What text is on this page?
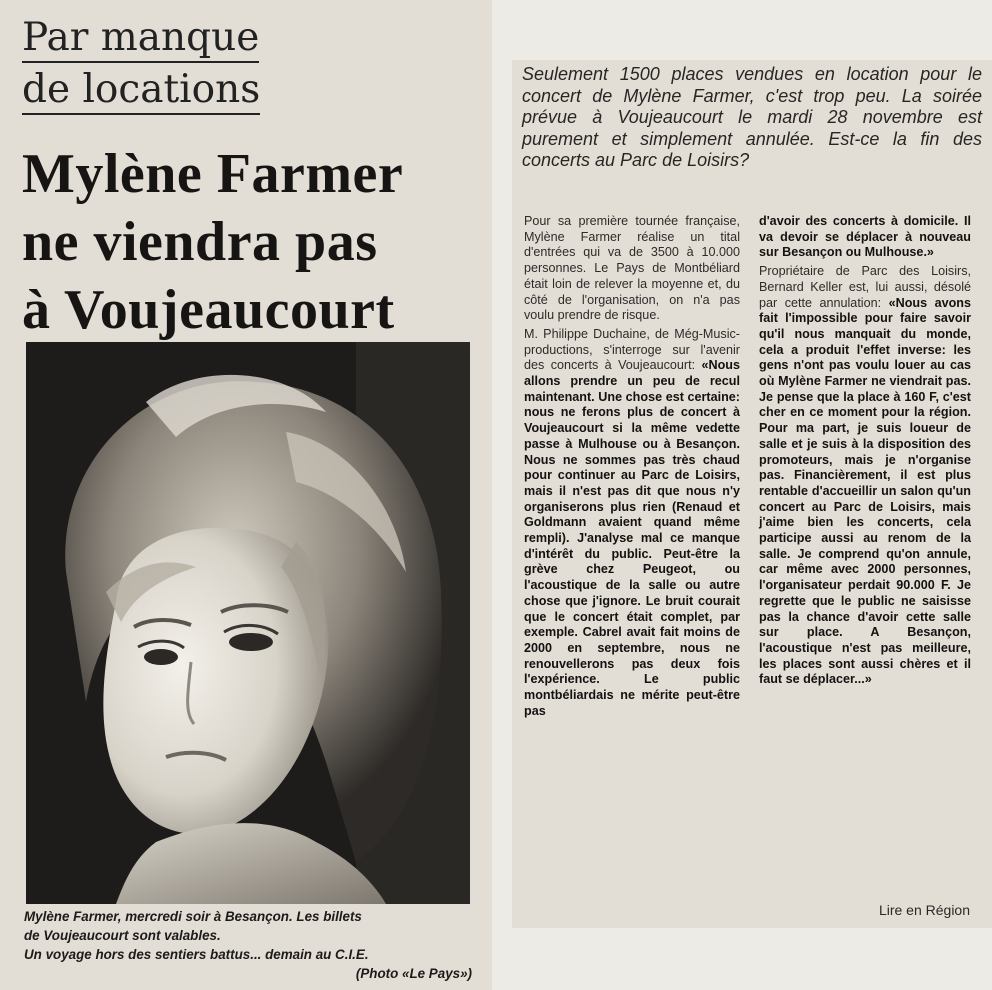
Par manque
de locations
Mylène Farmer
ne viendra pas
à Voujeaucourt
Mylène Farmer, mercredi soir à Besançon. Les billets
de Voujeaucourt sont valables.
Un voyage hors des sentiers battus... demain au C.I.E.
(Photo «Le Pays»)
Seulement 1500 places vendues en location pour le concert de Mylène Farmer, c'est trop peu. La soirée prévue à Voujeaucourt le mardi 28 novembre est purement et simplement annulée. Est-ce la fin des concerts au Parc de Loisirs?

Pour sa première tournée française, Mylène Farmer réalise un tital d'entrées qui va de 3500 à 10.000 personnes. Le Pays de Montbéliard était loin de relever la moyenne et, du côté de l'organisation, on n'a pas voulu prendre de risque.

M. Philippe Duchaine, de Még-Music-productions, s'interroge sur l'avenir des concerts à Voujeaucourt: «Nous allons prendre un peu de recul maintenant. Une chose est certaine: nous ne ferons plus de concert à Voujeaucourt si la même vedette passe à Mulhouse ou à Besançon. Nous ne sommes pas très chaud pour continuer au Parc de Loisirs, mais il n'est pas dit que nous n'y organiserons plus rien (Renaud et Goldmann avaient quand même rempli). J'analyse mal ce manque d'intérêt du public. Peut-être la grève chez Peugeot, ou l'acoustique de la salle ou autre chose que j'ignore. Le bruit courait que le concert était complet, par exemple. Cabrel avait fait moins de 2000 en septembre, nous ne renouvellerons pas deux fois l'expérience. Le public montbéliardais ne mérite peut-être pas

d'avoir des concerts à domicile. Il va devoir se déplacer à nouveau sur Besançon ou Mulhouse.»

Propriétaire de Parc des Loisirs, Bernard Keller est, lui aussi, désolé par cette annulation: «Nous avons fait l'impossible pour faire savoir qu'il nous manquait du monde, cela a produit l'effet inverse: les gens n'ont pas voulu louer au cas où Mylène Farmer ne viendrait pas. Je pense que la place à 160 F, c'est cher en ce moment pour la région. Pour ma part, je suis loueur de salle et je suis à la disposition des promoteurs, mais je n'organise pas. Financièrement, il est plus rentable d'accueillir un salon qu'un concert au Parc de Loisirs, mais j'aime bien les concerts, cela participe aussi au renom de la salle. Je comprend qu'on annule, car même avec 2000 personnes, l'organisateur perdait 90.000 F. Je regrette que le public ne saisisse pas la chance d'avoir cette salle sur place. A Besançon, l'acoustique n'est pas meilleure, les places sont aussi chères et il faut se déplacer...»

Lire en Région
